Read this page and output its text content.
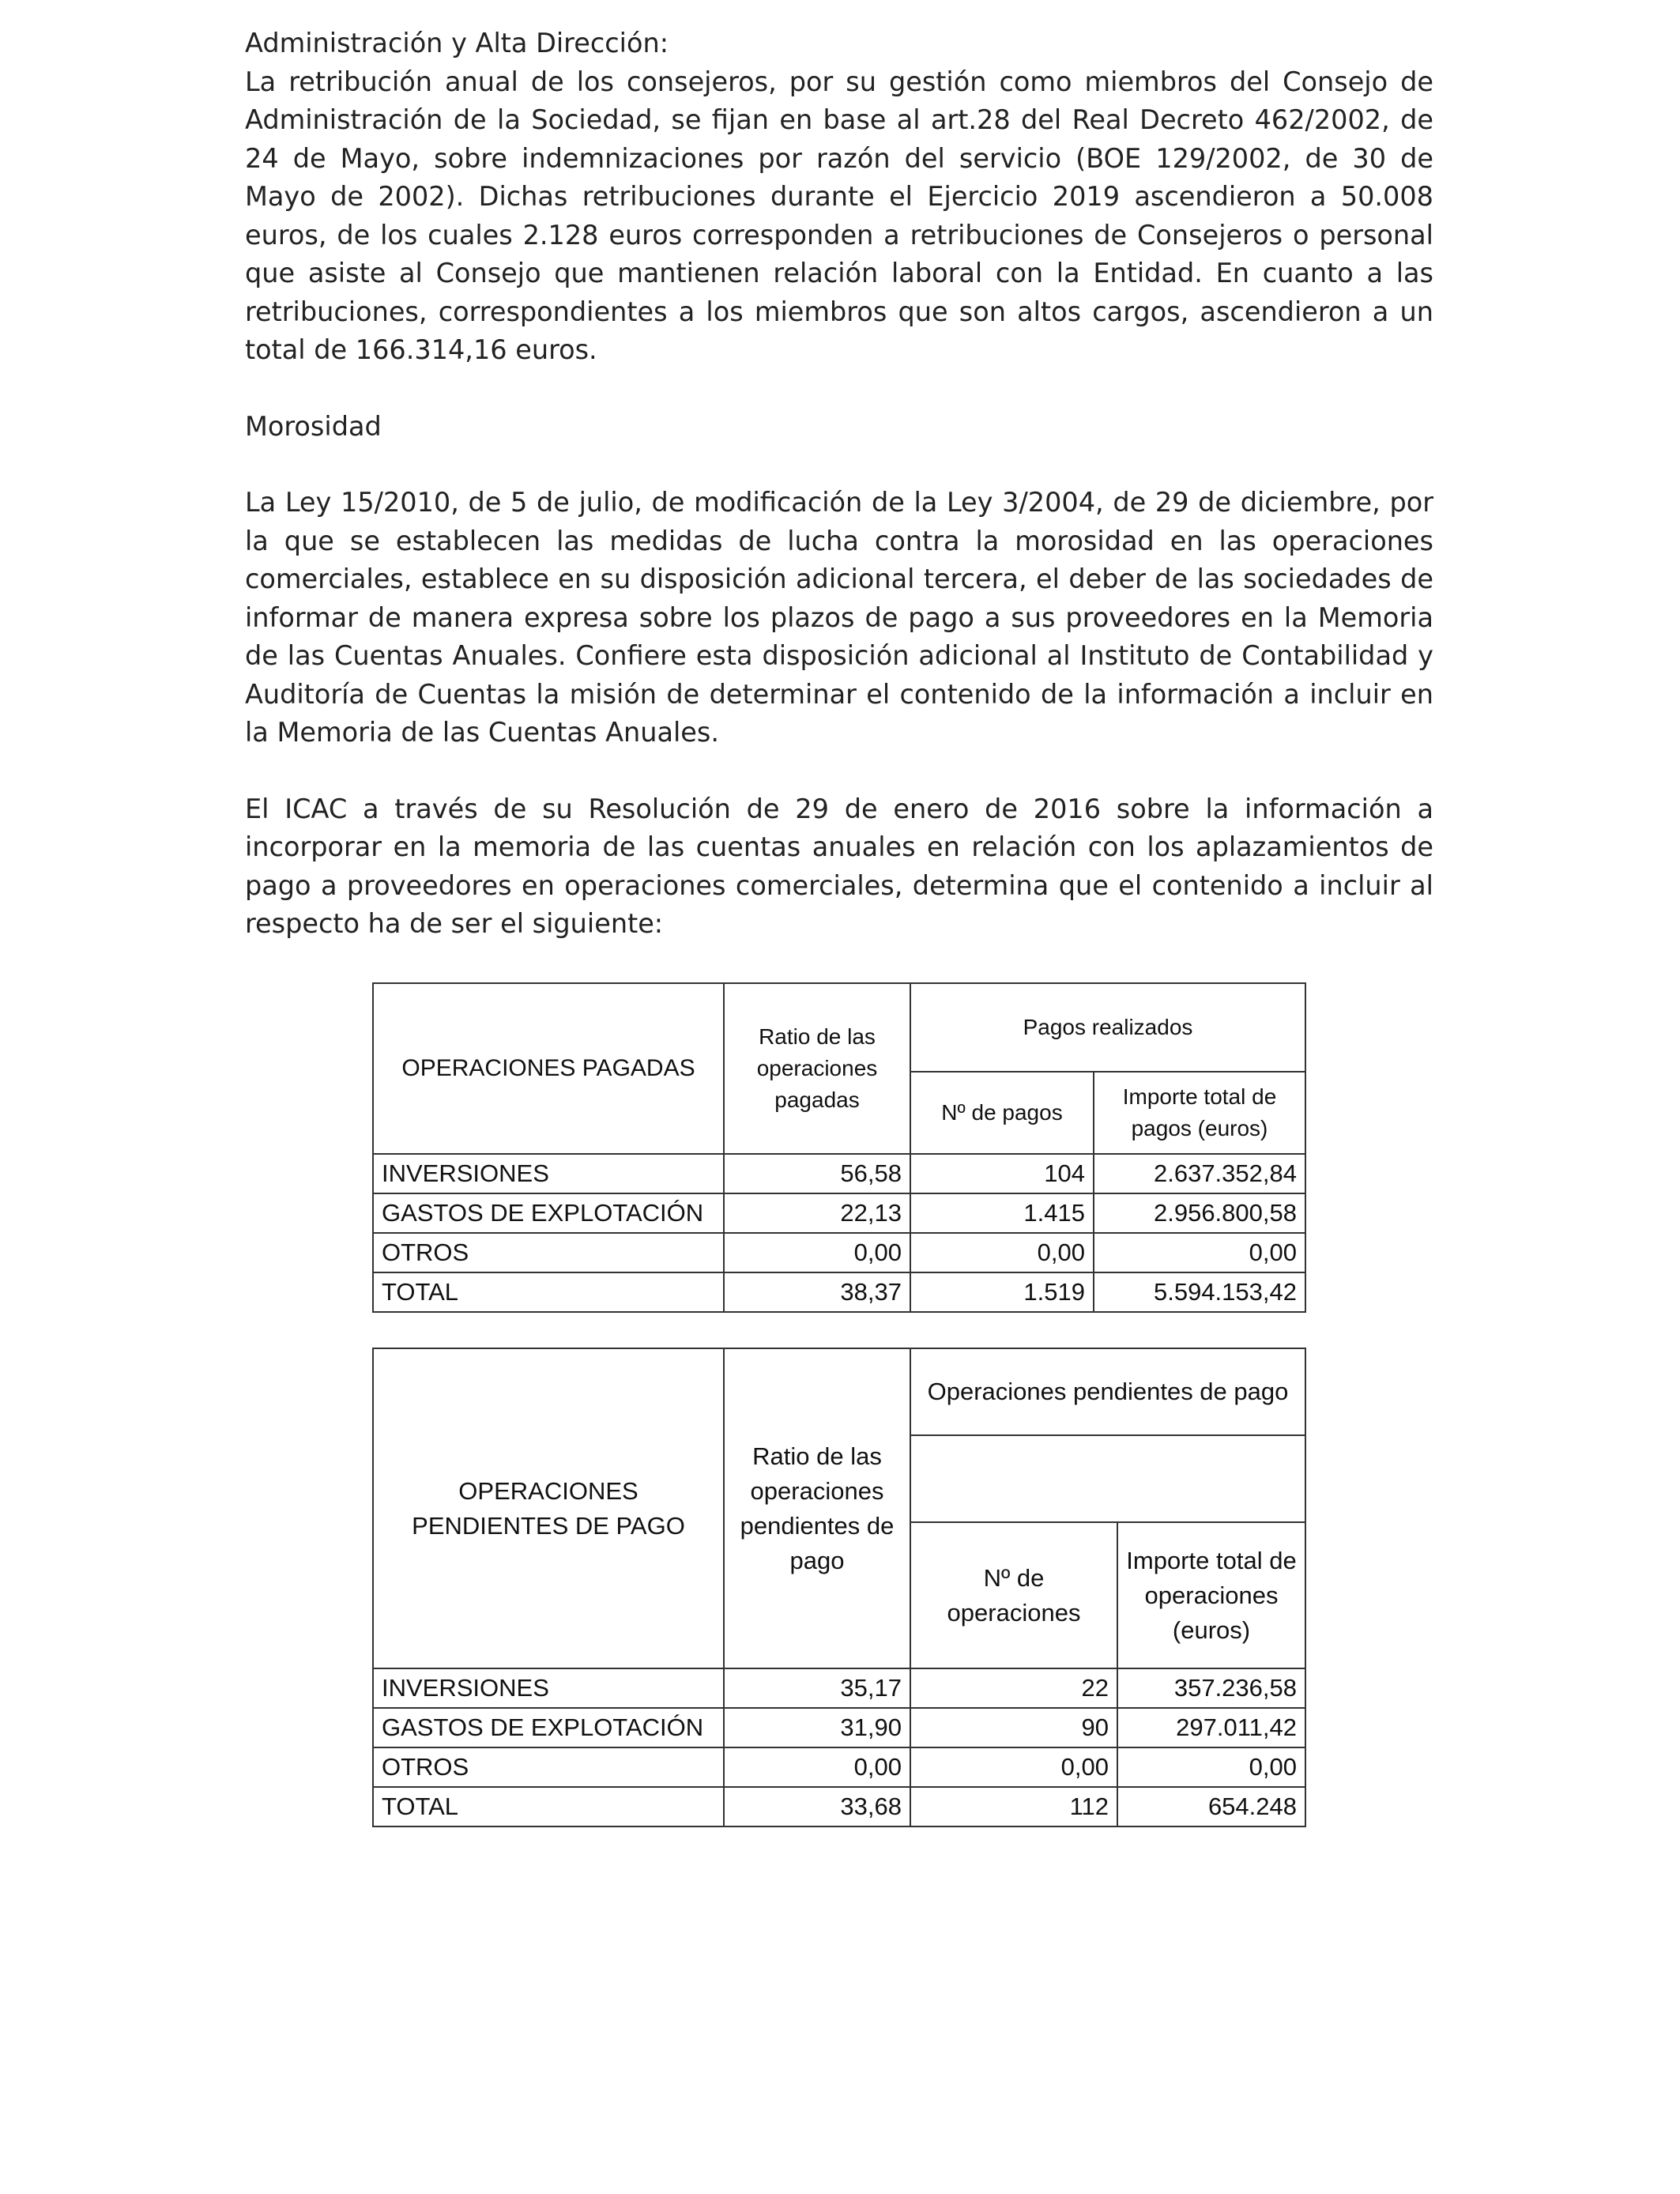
Administración y Alta Dirección:

La retribución anual de los consejeros, por su gestión como miembros del Consejo de Administración de la Sociedad, se fijan en base al art.28 del Real Decreto 462/2002, de 24 de Mayo, sobre indemnizaciones por razón del servicio (BOE 129/2002, de 30 de Mayo de 2002). Dichas retribuciones durante el Ejercicio 2019 ascendieron a 50.008 euros, de los cuales 2.128 euros corresponden a retribuciones de Consejeros o personal que asiste al Consejo que mantienen relación laboral con la Entidad. En cuanto a las retribuciones, correspondientes a los miembros que son altos cargos, ascendieron a un total de 166.314,16 euros.

Morosidad

La Ley 15/2010, de 5 de julio, de modificación de la Ley 3/2004, de 29 de diciembre, por la que se establecen las medidas de lucha contra la morosidad en las operaciones comerciales, establece en su disposición adicional tercera, el deber de las sociedades de informar de manera expresa sobre los plazos de pago a sus proveedores en la Memoria de las Cuentas Anuales. Confiere esta disposición adicional al Instituto de Contabilidad y Auditoría de Cuentas la misión de determinar el contenido de la información a incluir en la Memoria de las Cuentas Anuales.

El ICAC a través de su Resolución de 29 de enero de 2016 sobre la información a incorporar en la memoria de las cuentas anuales en relación con los aplazamientos de pago a proveedores en operaciones comerciales, determina que el contenido a incluir al respecto ha de ser el siguiente:

OPERACIONES PAGADAS	Ratio de las operaciones pagadas	Pagos realizados	
		Nº de pagos	Importe total de pagos (euros)
INVERSIONES	56,58	104	2.637.352,84
GASTOS DE EXPLOTACIÓN	22,13	1.415	2.956.800,58
OTROS	0,00	0,00	0,00
TOTAL	38,37	1.519	5.594.153,42
OPERACIONES PENDIENTES DE PAGO	Ratio de las operaciones pendientes de pago	Operaciones pendientes de pago	

		Nº de operaciones	Importe total de operaciones (euros)
INVERSIONES	35,17	22	357.236,58
GASTOS DE EXPLOTACIÓN	31,90	90	297.011,42
OTROS	0,00	0,00	0,00
TOTAL	33,68	112	654.248
